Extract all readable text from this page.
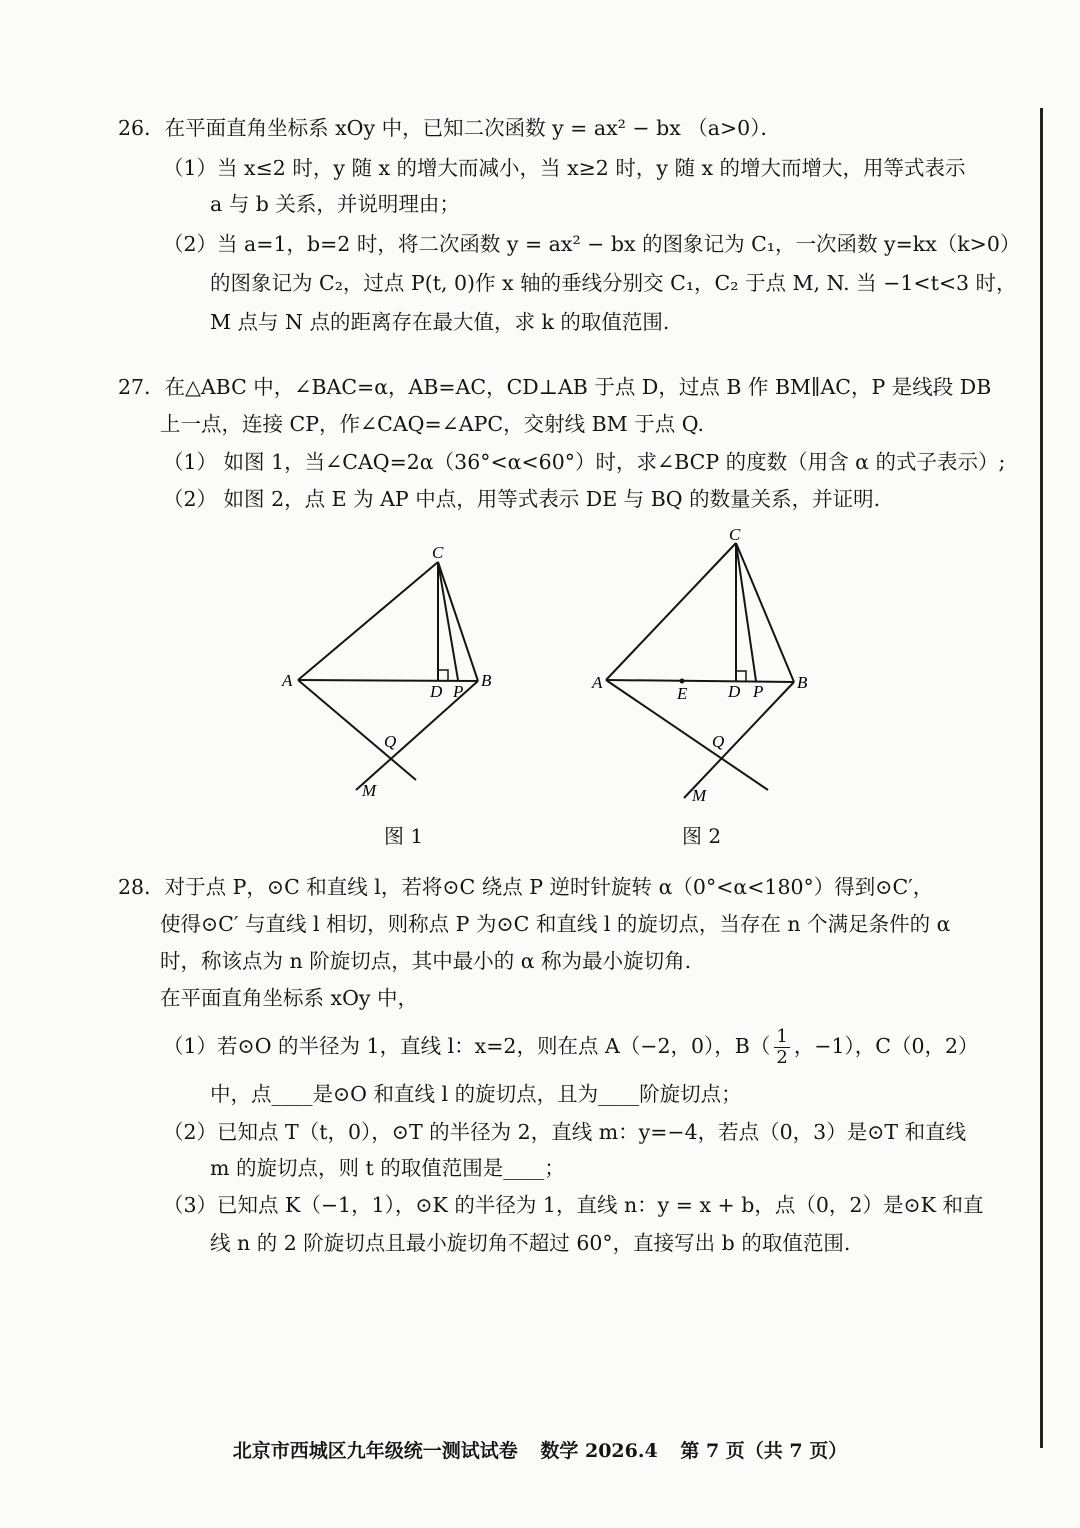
26．在平面直角坐标系 xOy 中，已知二次函数 y = ax² − bx （a>0）．
（1）当 x≤2 时，y 随 x 的增大而减小，当 x≥2 时，y 随 x 的增大而增大，用等式表示
a 与 b 关系，并说明理由；
（2）当 a=1，b=2 时，将二次函数 y = ax² − bx 的图象记为 C₁，一次函数 y=kx（k>0）
的图象记为 C₂，过点 P(t, 0)作 x 轴的垂线分别交 C₁，C₂ 于点 M, N. 当 −1<t<3 时，
M 点与 N 点的距离存在最大值，求 k 的取值范围.
27．在△ABC 中，∠BAC=α，AB=AC，CD⊥AB 于点 D，过点 B 作 BM∥AC，P 是线段 DB
上一点，连接 CP，作∠CAQ=∠APC，交射线 BM 于点 Q.
（1） 如图 1，当∠CAQ=2α（36°<α<60°）时，求∠BCP 的度数（用含 α 的式子表示）;
（2） 如图 2，点 E 为 AP 中点，用等式表示 DE 与 BQ 的数量关系，并证明.
C
A	B
D P
Q
M
C
A	B
E D P
Q
M
图 1	图 2
28．对于点 P，⊙C 和直线 l，若将⊙C 绕点 P 逆时针旋转 α（0°<α<180°）得到⊙C′，
使得⊙C′ 与直线 l 相切，则称点 P 为⊙C 和直线 l 的旋切点，当存在 n 个满足条件的 α
时，称该点为 n 阶旋切点，其中最小的 α 称为最小旋切角.
在平面直角坐标系 xOy 中，
（1）若⊙O 的半径为 1，直线 l：x=2，则在点 A（−2，0），$B( \frac{1}{2}$ ，−1），C（0，2）
中，点____是⊙O 和直线 l 的旋切点，且为____阶旋切点；
（2）已知点 T（t，0），⊙T 的半径为 2，直线 m：y=−4，若点（0，3）是⊙T 和直线
m 的旋切点，则 t 的取值范围是____；
（3）已知点 K（−1，1），⊙K 的半径为 1，直线 n：y = x + b，点（0，2）是⊙K 和直
线 n 的 2 阶旋切点且最小旋切角不超过 60°，直接写出 b 的取值范围.
北京市西城区九年级统一测试试卷 数学 2026.4 第 7 页（共 7 页）
